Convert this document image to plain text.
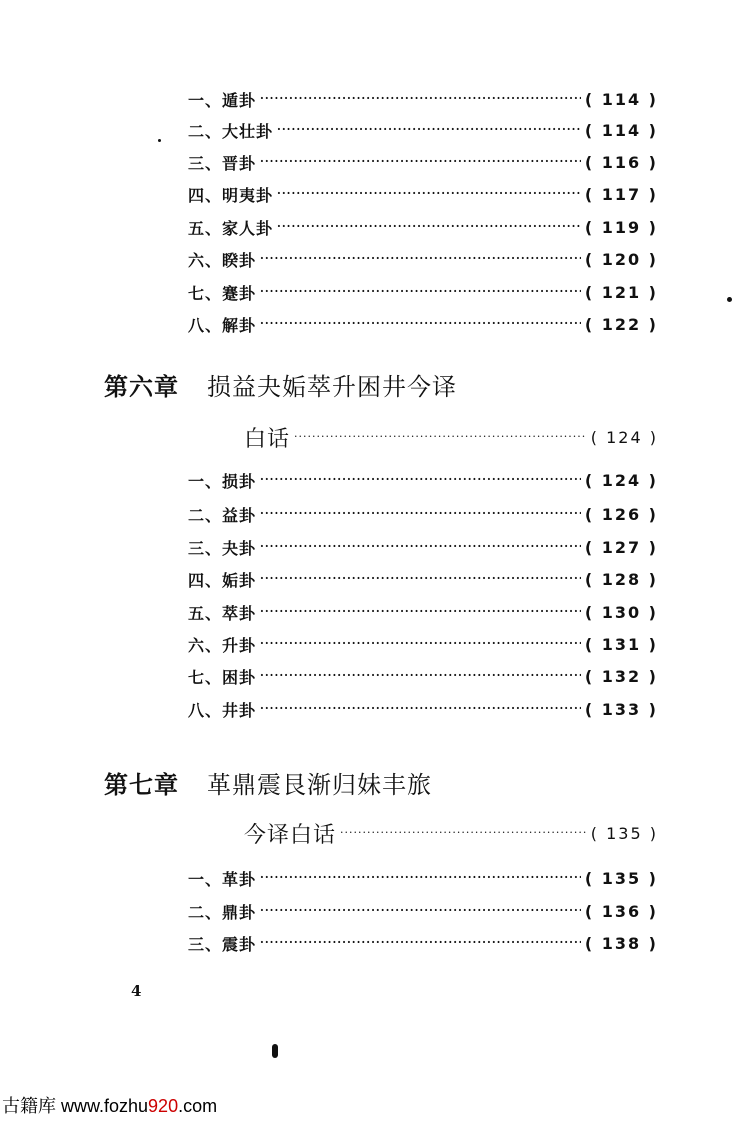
一、遁卦 ·····	( 114 )
二、大壮卦 ·····	( 114 )
三、晋卦 ·····	( 116 )
四、明夷卦 ·····	( 117 )
五、家人卦 ·····	( 119 )
六、睽卦 ·····	( 120 )
七、蹇卦 ·····	( 121 )
八、解卦 ·····	( 122 )
第六章 损益夬姤萃升困井今译
白话 ·····	( 124 )
一、损卦 ·····	( 124 )
二、益卦 ·····	( 126 )
三、夬卦 ·····	( 127 )
四、姤卦 ·····	( 128 )
五、萃卦 ·····	( 130 )
六、升卦 ·····	( 131 )
七、困卦 ·····	( 132 )
八、井卦 ·····	( 133 )
第七章 革鼎震艮渐归妹丰旅
今译白话 ·····	( 135 )
一、革卦 ·····	( 135 )
二、鼎卦 ·····	( 136 )
三、震卦 ·····	( 138 )
4
古籍库 www.fozhu920.com
